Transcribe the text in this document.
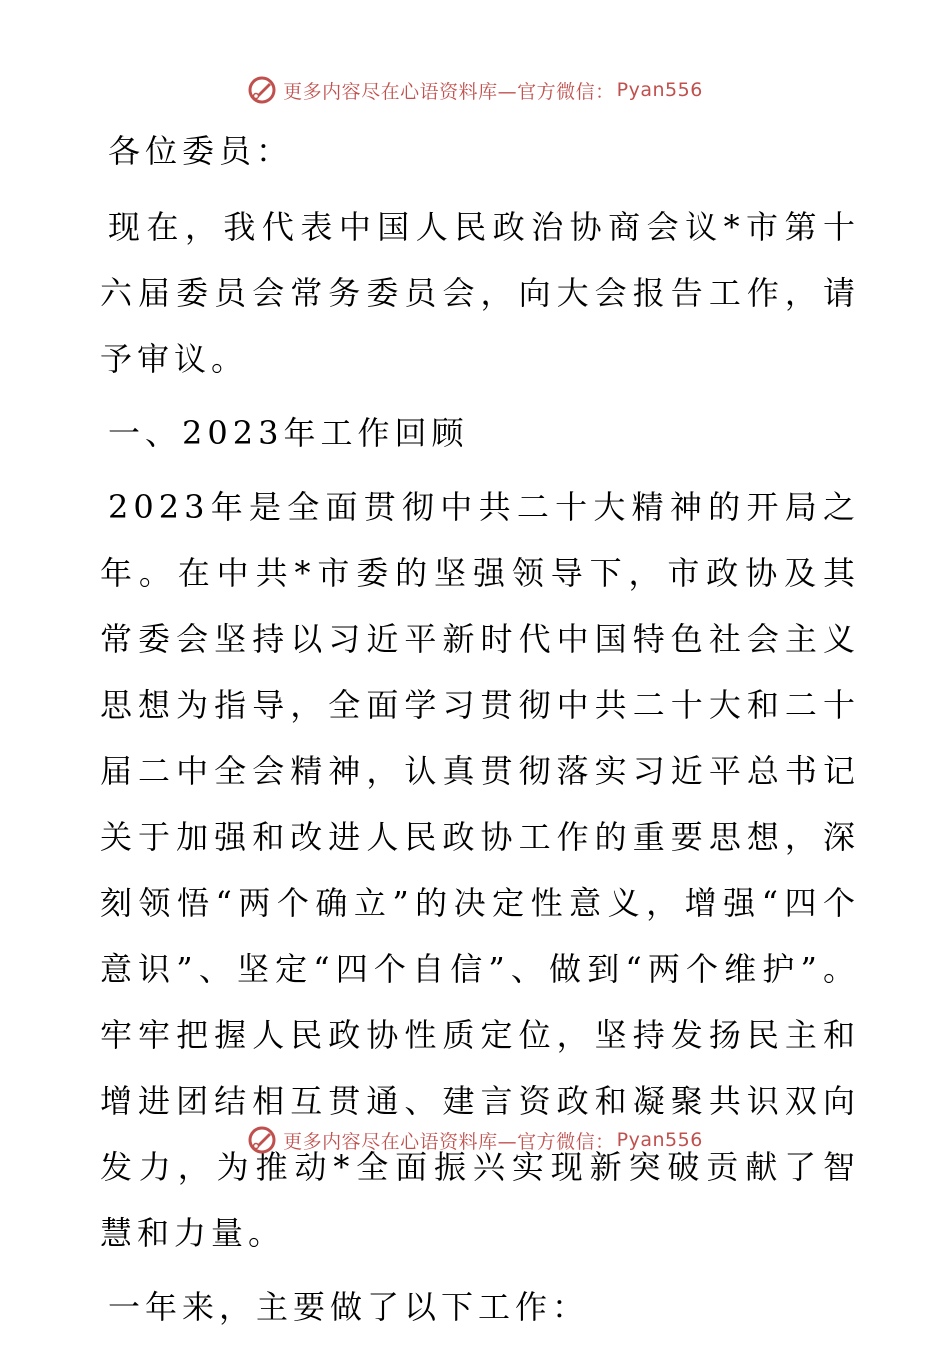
更多内容尽在心语资料库—官方微信： Pyan556

各位委员：

现在，我代表中国人民政治协商会议*市第十六届委员会常务委员会，向大会报告工作，请予审议。

一、2023年工作回顾

2023年是全面贯彻中共二十大精神的开局之年。在中共*市委的坚强领导下，市政协及其常委会坚持以习近平新时代中国特色社会主义思想为指导，全面学习贯彻中共二十大和二十届二中全会精神，认真贯彻落实习近平总书记关于加强和改进人民政协工作的重要思想，深刻领悟“两个确立”的决定性意义，增强“四个意识”、坚定“四个自信”、做到“两个维护”。牢牢把握人民政协性质定位，坚持发扬民主和增进团结相互贯通、建言资政和凝聚共识双向发力，为推动*全面振兴实现新突破贡献了智慧和力量。

一年来，主要做了以下工作：

更多内容尽在心语资料库—官方微信： Pyan556
